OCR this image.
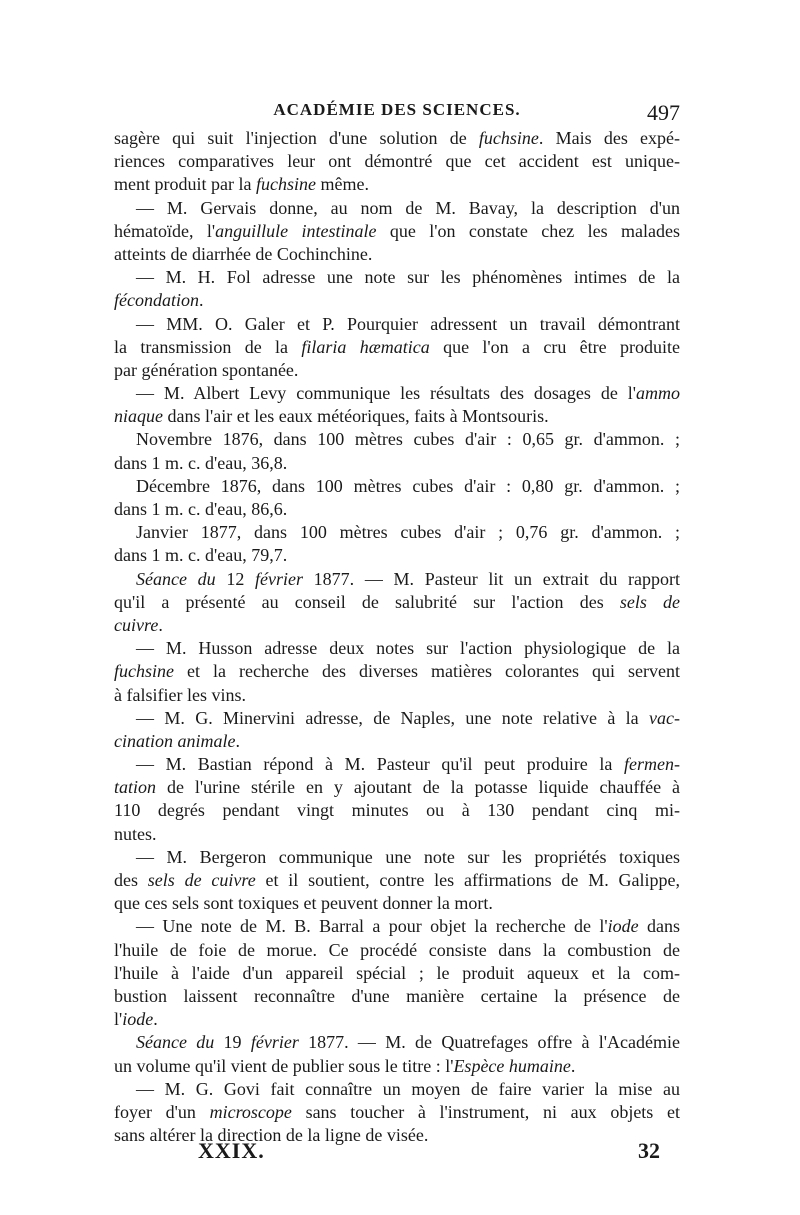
ACADÉMIE DES SCIENCES.	497
sagère qui suit l'injection d'une solution de fuchsine. Mais des expé-
riences comparatives leur ont démontré que cet accident est unique-
ment produit par la fuchsine même.
— M. Gervais donne, au nom de M. Bavay, la description d'un
hématoïde, l'anguillule intestinale que l'on constate chez les malades
atteints de diarrhée de Cochinchine.
— M. H. Fol adresse une note sur les phénomènes intimes de la
fécondation.
— MM. O. Galer et P. Pourquier adressent un travail démontrant
la transmission de la filaria hæmatica que l'on a cru être produite
par génération spontanée.
— M. Albert Levy communique les résultats des dosages de l'ammo
niaque dans l'air et les eaux météoriques, faits à Montsouris.
Novembre 1876, dans 100 mètres cubes d'air : 0,65 gr. d'ammon. ;
dans 1 m. c. d'eau, 36,8.
Décembre 1876, dans 100 mètres cubes d'air : 0,80 gr. d'ammon. ;
dans 1 m. c. d'eau, 86,6.
Janvier 1877, dans 100 mètres cubes d'air ; 0,76 gr. d'ammon. ;
dans 1 m. c. d'eau, 79,7.
Séance du 12 février 1877. — M. Pasteur lit un extrait du rapport
qu'il a présenté au conseil de salubrité sur l'action des sels de
cuivre.
— M. Husson adresse deux notes sur l'action physiologique de la
fuchsine et la recherche des diverses matières colorantes qui servent
à falsifier les vins.
— M. G. Minervini adresse, de Naples, une note relative à la vac-
cination animale.
— M. Bastian répond à M. Pasteur qu'il peut produire la fermen-
tation de l'urine stérile en y ajoutant de la potasse liquide chauffée à
110 degrés pendant vingt minutes ou à 130 pendant cinq mi-
nutes.
— M. Bergeron communique une note sur les propriétés toxiques
des sels de cuivre et il soutient, contre les affirmations de M. Galippe,
que ces sels sont toxiques et peuvent donner la mort.
— Une note de M. B. Barral a pour objet la recherche de l'iode dans
l'huile de foie de morue. Ce procédé consiste dans la combustion de
l'huile à l'aide d'un appareil spécial ; le produit aqueux et la com-
bustion laissent reconnaître d'une manière certaine la présence de
l'iode.
Séance du 19 février 1877. — M. de Quatrefages offre à l'Académie
un volume qu'il vient de publier sous le titre : l'Espèce humaine.
— M. G. Govi fait connaître un moyen de faire varier la mise au
foyer d'un microscope sans toucher à l'instrument, ni aux objets et
sans altérer la direction de la ligne de visée.
XXIX.	32
